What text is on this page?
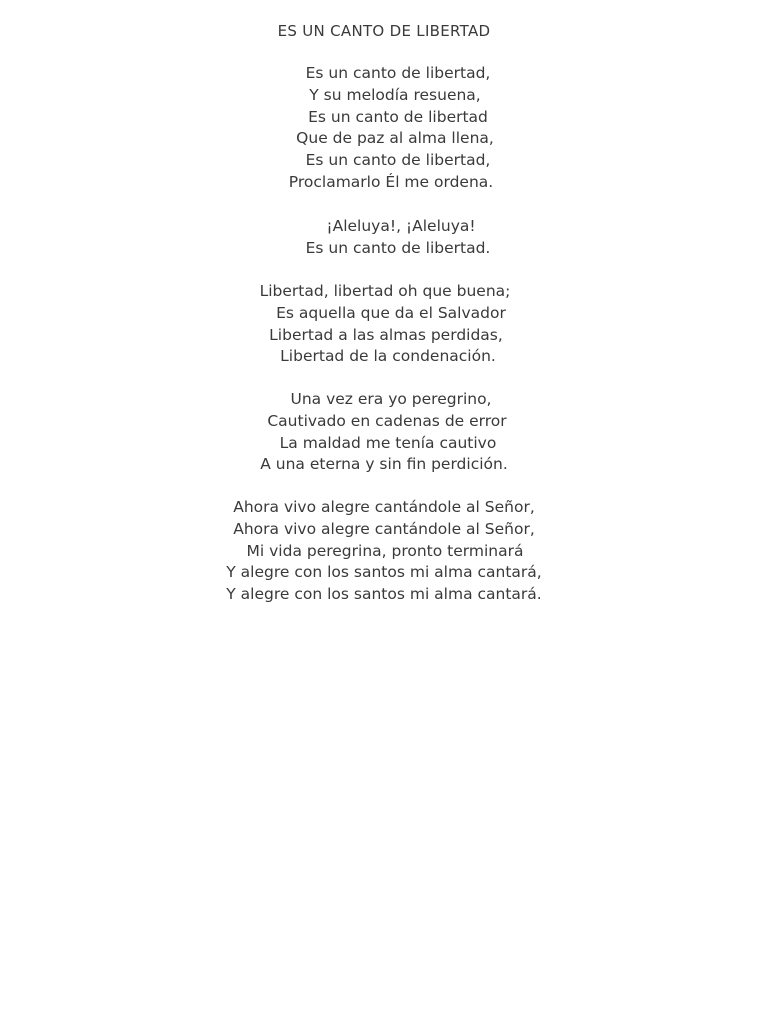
ES UN CANTO DE LIBERTAD
Es un canto de libertad,
Y su melodía resuena,
Es un canto de libertad
Que de paz al alma llena,
Es un canto de libertad,
Proclamarlo Él me ordena.
¡Aleluya!, ¡Aleluya!
Es un canto de libertad.
Libertad, libertad oh que buena;
Es aquella que da el Salvador
Libertad a las almas perdidas,
Libertad de la condenación.
Una vez era yo peregrino,
Cautivado en cadenas de error
La maldad me tenía cautivo
A una eterna y sin fin perdición.
Ahora vivo alegre cantándole al Señor,
Ahora vivo alegre cantándole al Señor,
Mi vida peregrina, pronto terminará
Y alegre con los santos mi alma cantará,
Y alegre con los santos mi alma cantará.
